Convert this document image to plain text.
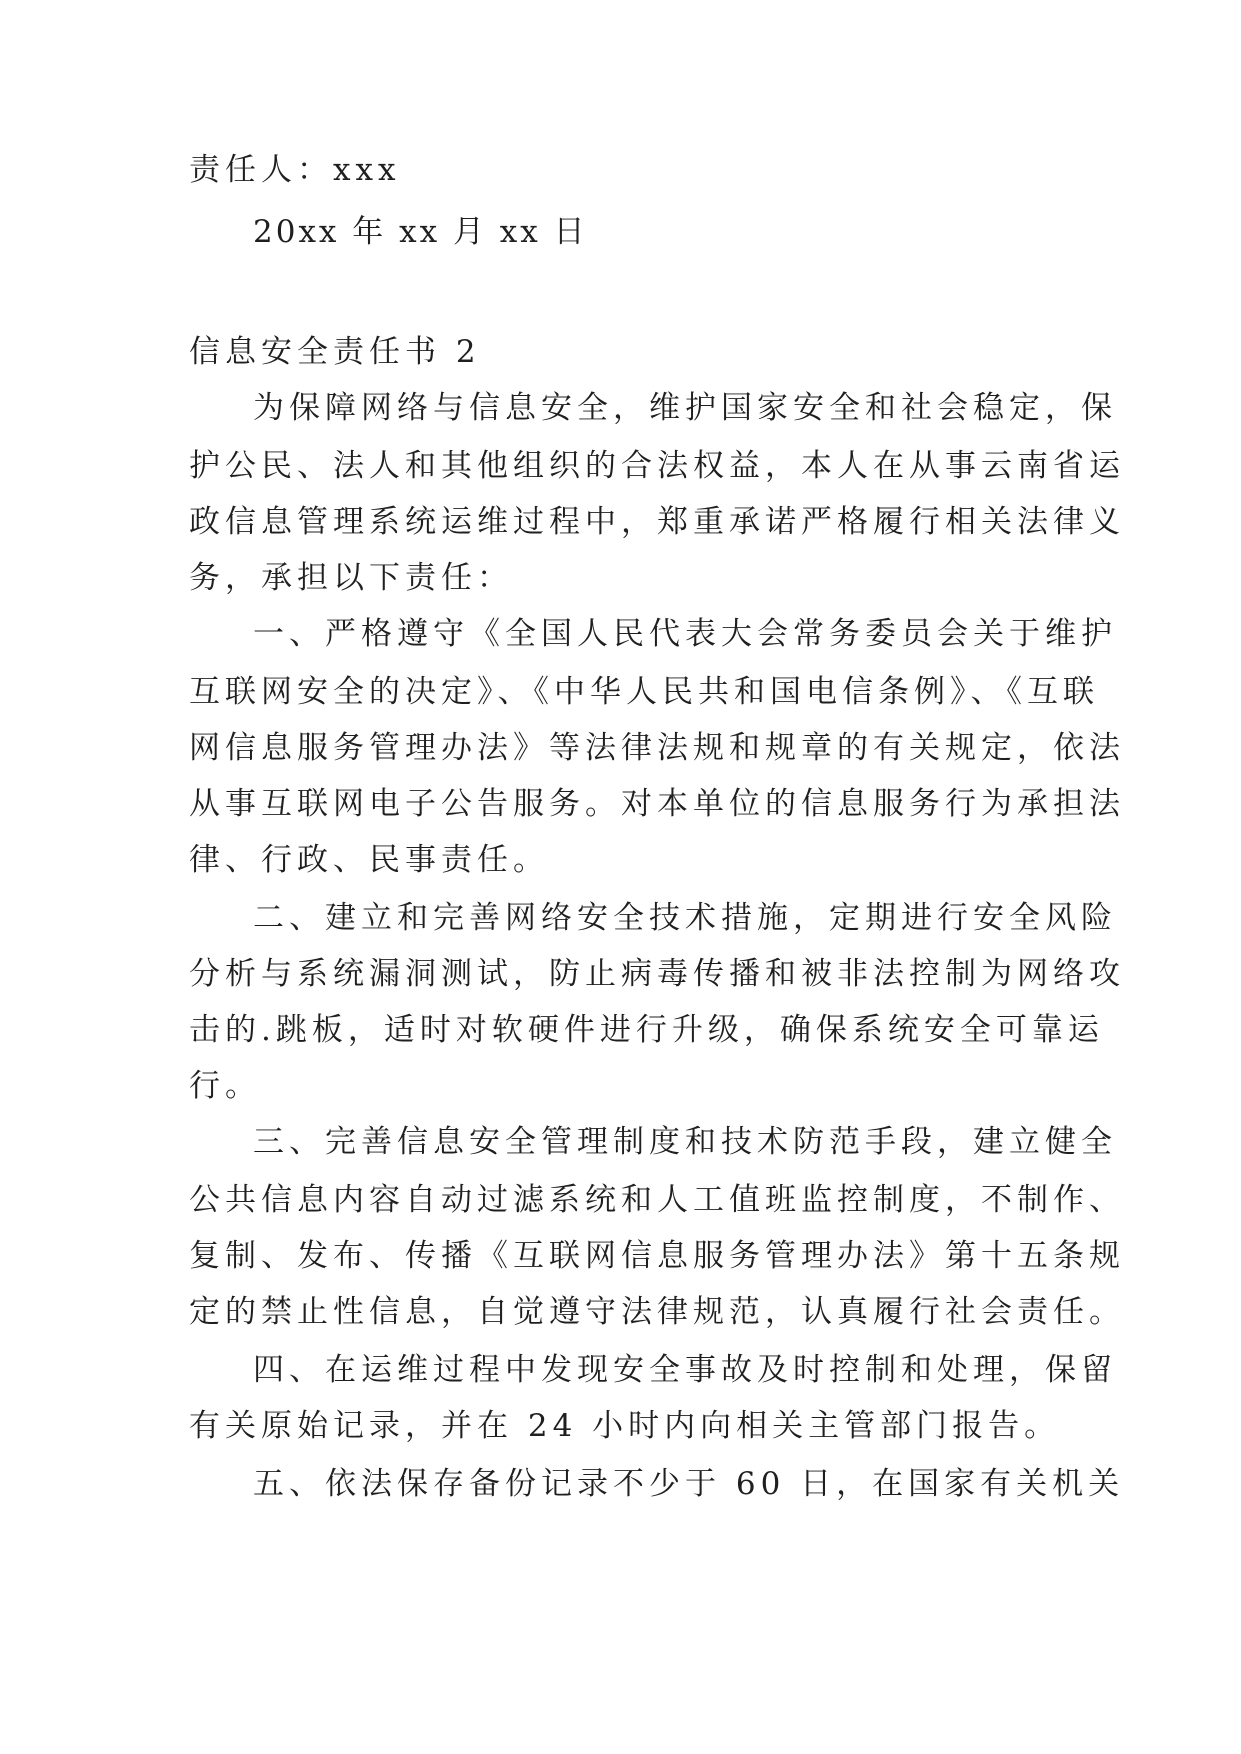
责任人：xxx
20xx 年 xx 月 xx 日
信息安全责任书 2
为保障网络与信息安全，维护国家安全和社会稳定，保
护公民、法人和其他组织的合法权益，本人在从事云南省运
政信息管理系统运维过程中，郑重承诺严格履行相关法律义
务，承担以下责任：
一、严格遵守《全国人民代表大会常务委员会关于维护
互联网安全的决定》、《中华人民共和国电信条例》、《互联
网信息服务管理办法》等法律法规和规章的有关规定，依法
从事互联网电子公告服务。对本单位的信息服务行为承担法
律、行政、民事责任。
二、建立和完善网络安全技术措施，定期进行安全风险
分析与系统漏洞测试，防止病毒传播和被非法控制为网络攻
击的.跳板，适时对软硬件进行升级，确保系统安全可靠运
行。
三、完善信息安全管理制度和技术防范手段，建立健全
公共信息内容自动过滤系统和人工值班监控制度，不制作、
复制、发布、传播《互联网信息服务管理办法》第十五条规
定的禁止性信息，自觉遵守法律规范，认真履行社会责任。
四、在运维过程中发现安全事故及时控制和处理，保留
有关原始记录，并在 24 小时内向相关主管部门报告。
五、依法保存备份记录不少于 60 日，在国家有关机关
